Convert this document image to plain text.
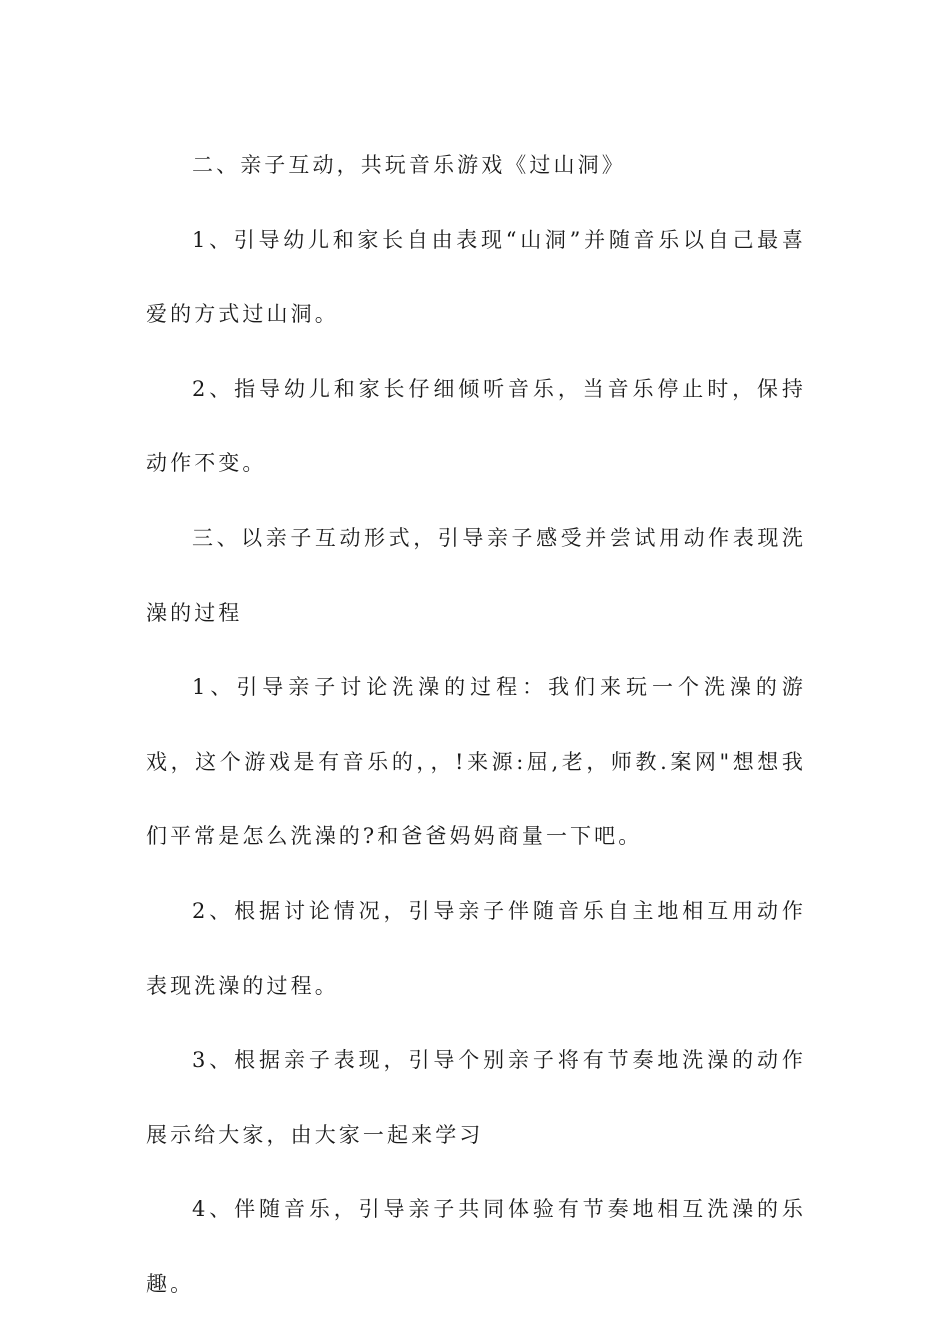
二、亲子互动，共玩音乐游戏《过山洞》

1、引导幼儿和家长自由表现“山洞”并随音乐以自己最喜爱的方式过山洞。

2、指导幼儿和家长仔细倾听音乐，当音乐停止时，保持动作不变。

三、以亲子互动形式，引导亲子感受并尝试用动作表现洗澡的过程

1、引导亲子讨论洗澡的过程：我们来玩一个洗澡的游戏，这个游戏是有音乐的，，!来源:屈,老，师教.案网"想想我们平常是怎么洗澡的?和爸爸妈妈商量一下吧。

2、根据讨论情况，引导亲子伴随音乐自主地相互用动作表现洗澡的过程。

3、根据亲子表现，引导个别亲子将有节奏地洗澡的动作展示给大家，由大家一起来学习

4、伴随音乐，引导亲子共同体验有节奏地相互洗澡的乐趣。
